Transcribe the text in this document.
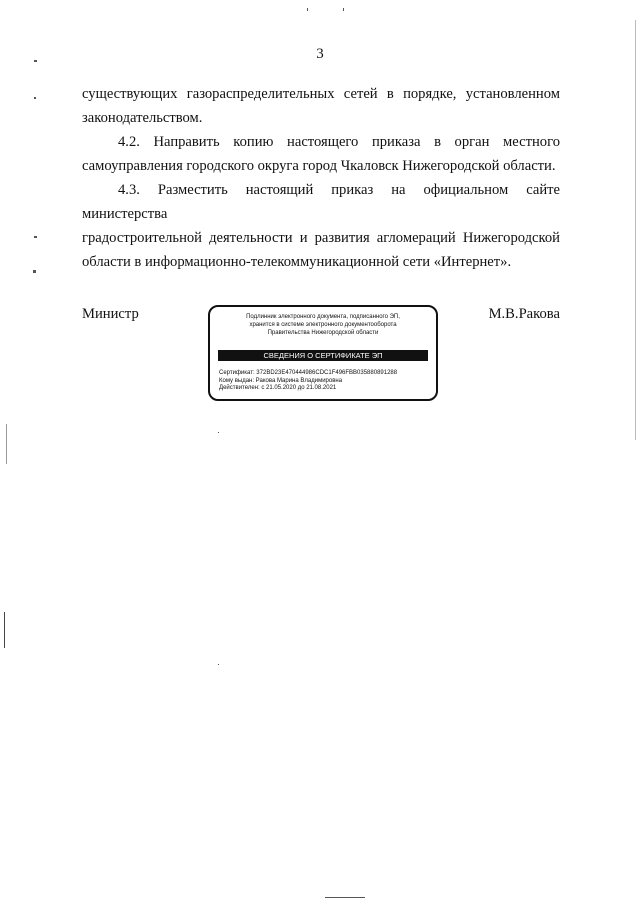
3

существующих газораспределительных сетей в порядке, установленном

законодательством.

4.2. Направить копию настоящего приказа в орган местного

самоуправления городского округа город Чкаловск Нижегородской области.

4.3. Разместить настоящий приказ на официальном сайте министерства

градостроительной деятельности и развития агломераций Нижегородской

области в информационно-телекоммуникационной сети «Интернет».

Министр	М.В.Ракова
Подлинник электронного документа, подписанного ЭП,
хранится в системе электронного документооборота
Правительства Нижегородской области
СВЕДЕНИЯ О СЕРТИФИКАТЕ ЭП
Сертификат: 372BD23E470444986CDC1F496FBB035880891288
Кому выдан: Ракова Марина Владимировна
Действителен: с 21.05.2020 до 21.08.2021
